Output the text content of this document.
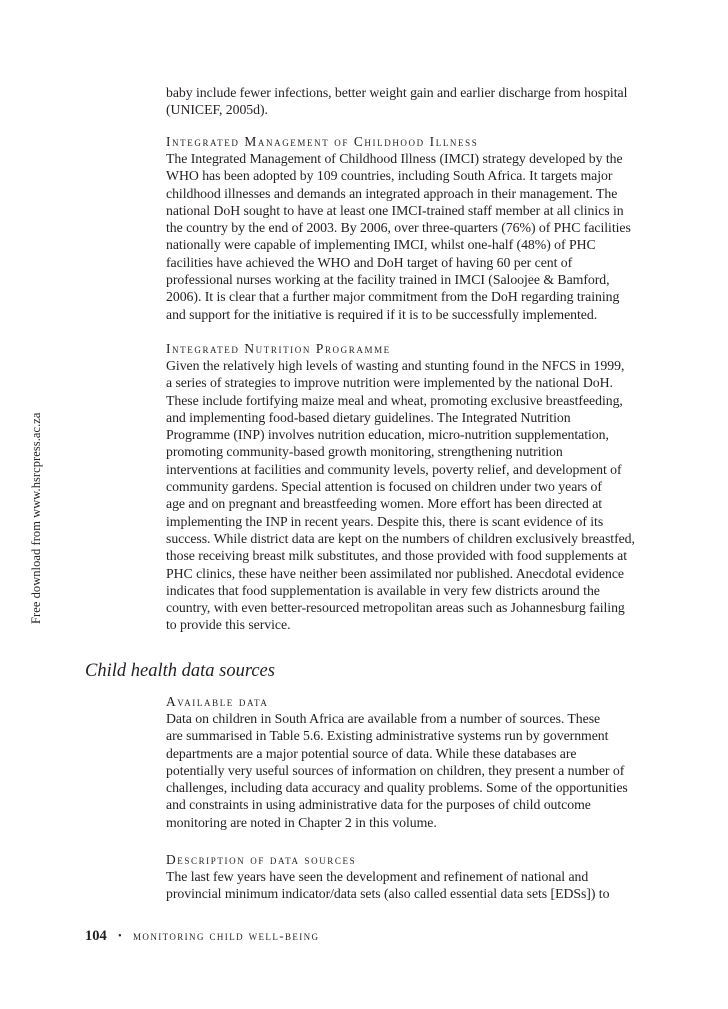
Free download from www.hsrcpress.ac.za

baby include fewer infections, better weight gain and earlier discharge from hospital
(UNICEF, 2005d).

Integrated Management of Childhood Illness

The Integrated Management of Childhood Illness (IMCI) strategy developed by the
WHO has been adopted by 109 countries, including South Africa. It targets major
childhood illnesses and demands an integrated approach in their management. The
national DoH sought to have at least one IMCI-trained staff member at all clinics in
the country by the end of 2003. By 2006, over three-quarters (76%) of PHC facilities
nationally were capable of implementing IMCI, whilst one-half (48%) of PHC
facilities have achieved the WHO and DoH target of having 60 per cent of
professional nurses working at the facility trained in IMCI (Saloojee & Bamford,
2006). It is clear that a further major commitment from the DoH regarding training
and support for the initiative is required if it is to be successfully implemented.

Integrated Nutrition Programme

Given the relatively high levels of wasting and stunting found in the NFCS in 1999,
a series of strategies to improve nutrition were implemented by the national DoH.
These include fortifying maize meal and wheat, promoting exclusive breastfeeding,
and implementing food-based dietary guidelines. The Integrated Nutrition
Programme (INP) involves nutrition education, micro-nutrition supplementation,
promoting community-based growth monitoring, strengthening nutrition
interventions at facilities and community levels, poverty relief, and development of
community gardens. Special attention is focused on children under two years of
age and on pregnant and breastfeeding women. More effort has been directed at
implementing the INP in recent years. Despite this, there is scant evidence of its
success. While district data are kept on the numbers of children exclusively breastfed,
those receiving breast milk substitutes, and those provided with food supplements at
PHC clinics, these have neither been assimilated nor published. Anecdotal evidence
indicates that food supplementation is available in very few districts around the
country, with even better-resourced metropolitan areas such as Johannesburg failing
to provide this service.

Child health data sources
Available data

Data on children in South Africa are available from a number of sources. These
are summarised in Table 5.6. Existing administrative systems run by government
departments are a major potential source of data. While these databases are
potentially very useful sources of information on children, they present a number of
challenges, including data accuracy and quality problems. Some of the opportunities
and constraints in using administrative data for the purposes of child outcome
monitoring are noted in Chapter 2 in this volume.

Description of data sources

The last few years have seen the development and refinement of national and
provincial minimum indicator/data sets (also called essential data sets [EDSs]) to

104 • monitoring child well-being
